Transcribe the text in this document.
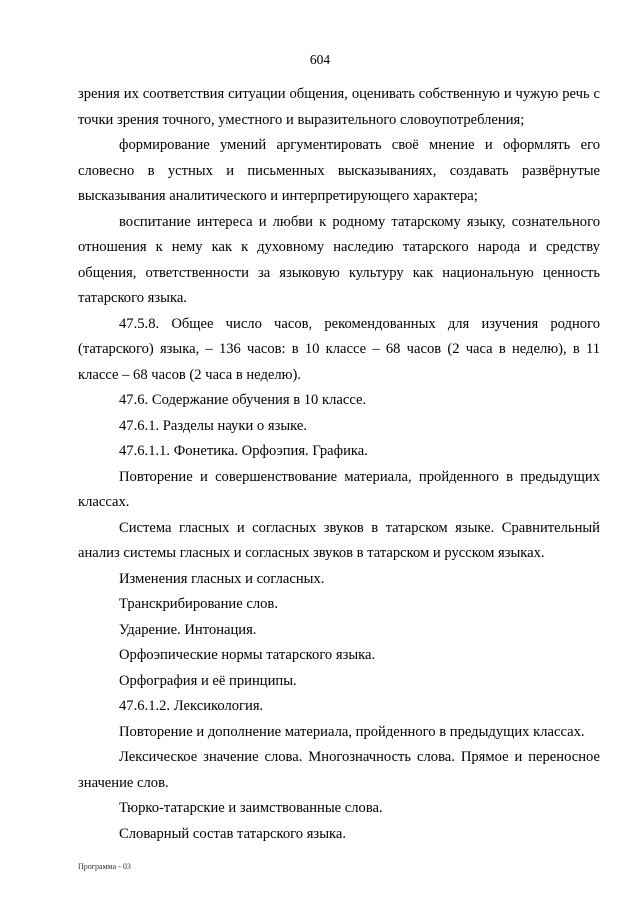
604

зрения их соответствия ситуации общения, оценивать собственную и чужую речь с точки зрения точного, уместного и выразительного словоупотребления;

формирование умений аргументировать своё мнение и оформлять его словесно в устных и письменных высказываниях, создавать развёрнутые высказывания аналитического и интерпретирующего характера;

воспитание интереса и любви к родному татарскому языку, сознательного отношения к нему как к духовному наследию татарского народа и средству общения, ответственности за языковую культуру как национальную ценность татарского языка.

47.5.8. Общее число часов, рекомендованных для изучения родного (татарского) языка, – 136 часов: в 10 классе – 68 часов (2 часа в неделю), в 11 классе – 68 часов (2 часа в неделю).

47.6. Содержание обучения в 10 классе.

47.6.1. Разделы науки о языке.

47.6.1.1. Фонетика. Орфоэпия. Графика.

Повторение и совершенствование материала, пройденного в предыдущих классах.

Система гласных и согласных звуков в татарском языке. Сравнительный анализ системы гласных и согласных звуков в татарском и русском языках.

Изменения гласных и согласных.

Транскрибирование слов.

Ударение. Интонация.

Орфоэпические нормы татарского языка.

Орфография и её принципы.

47.6.1.2. Лексикология.

Повторение и дополнение материала, пройденного в предыдущих классах.

Лексическое значение слова. Многозначность слова. Прямое и переносное значение слов.

Тюрко-татарские и заимствованные слова.

Словарный состав татарского языка.

Программа - 03
